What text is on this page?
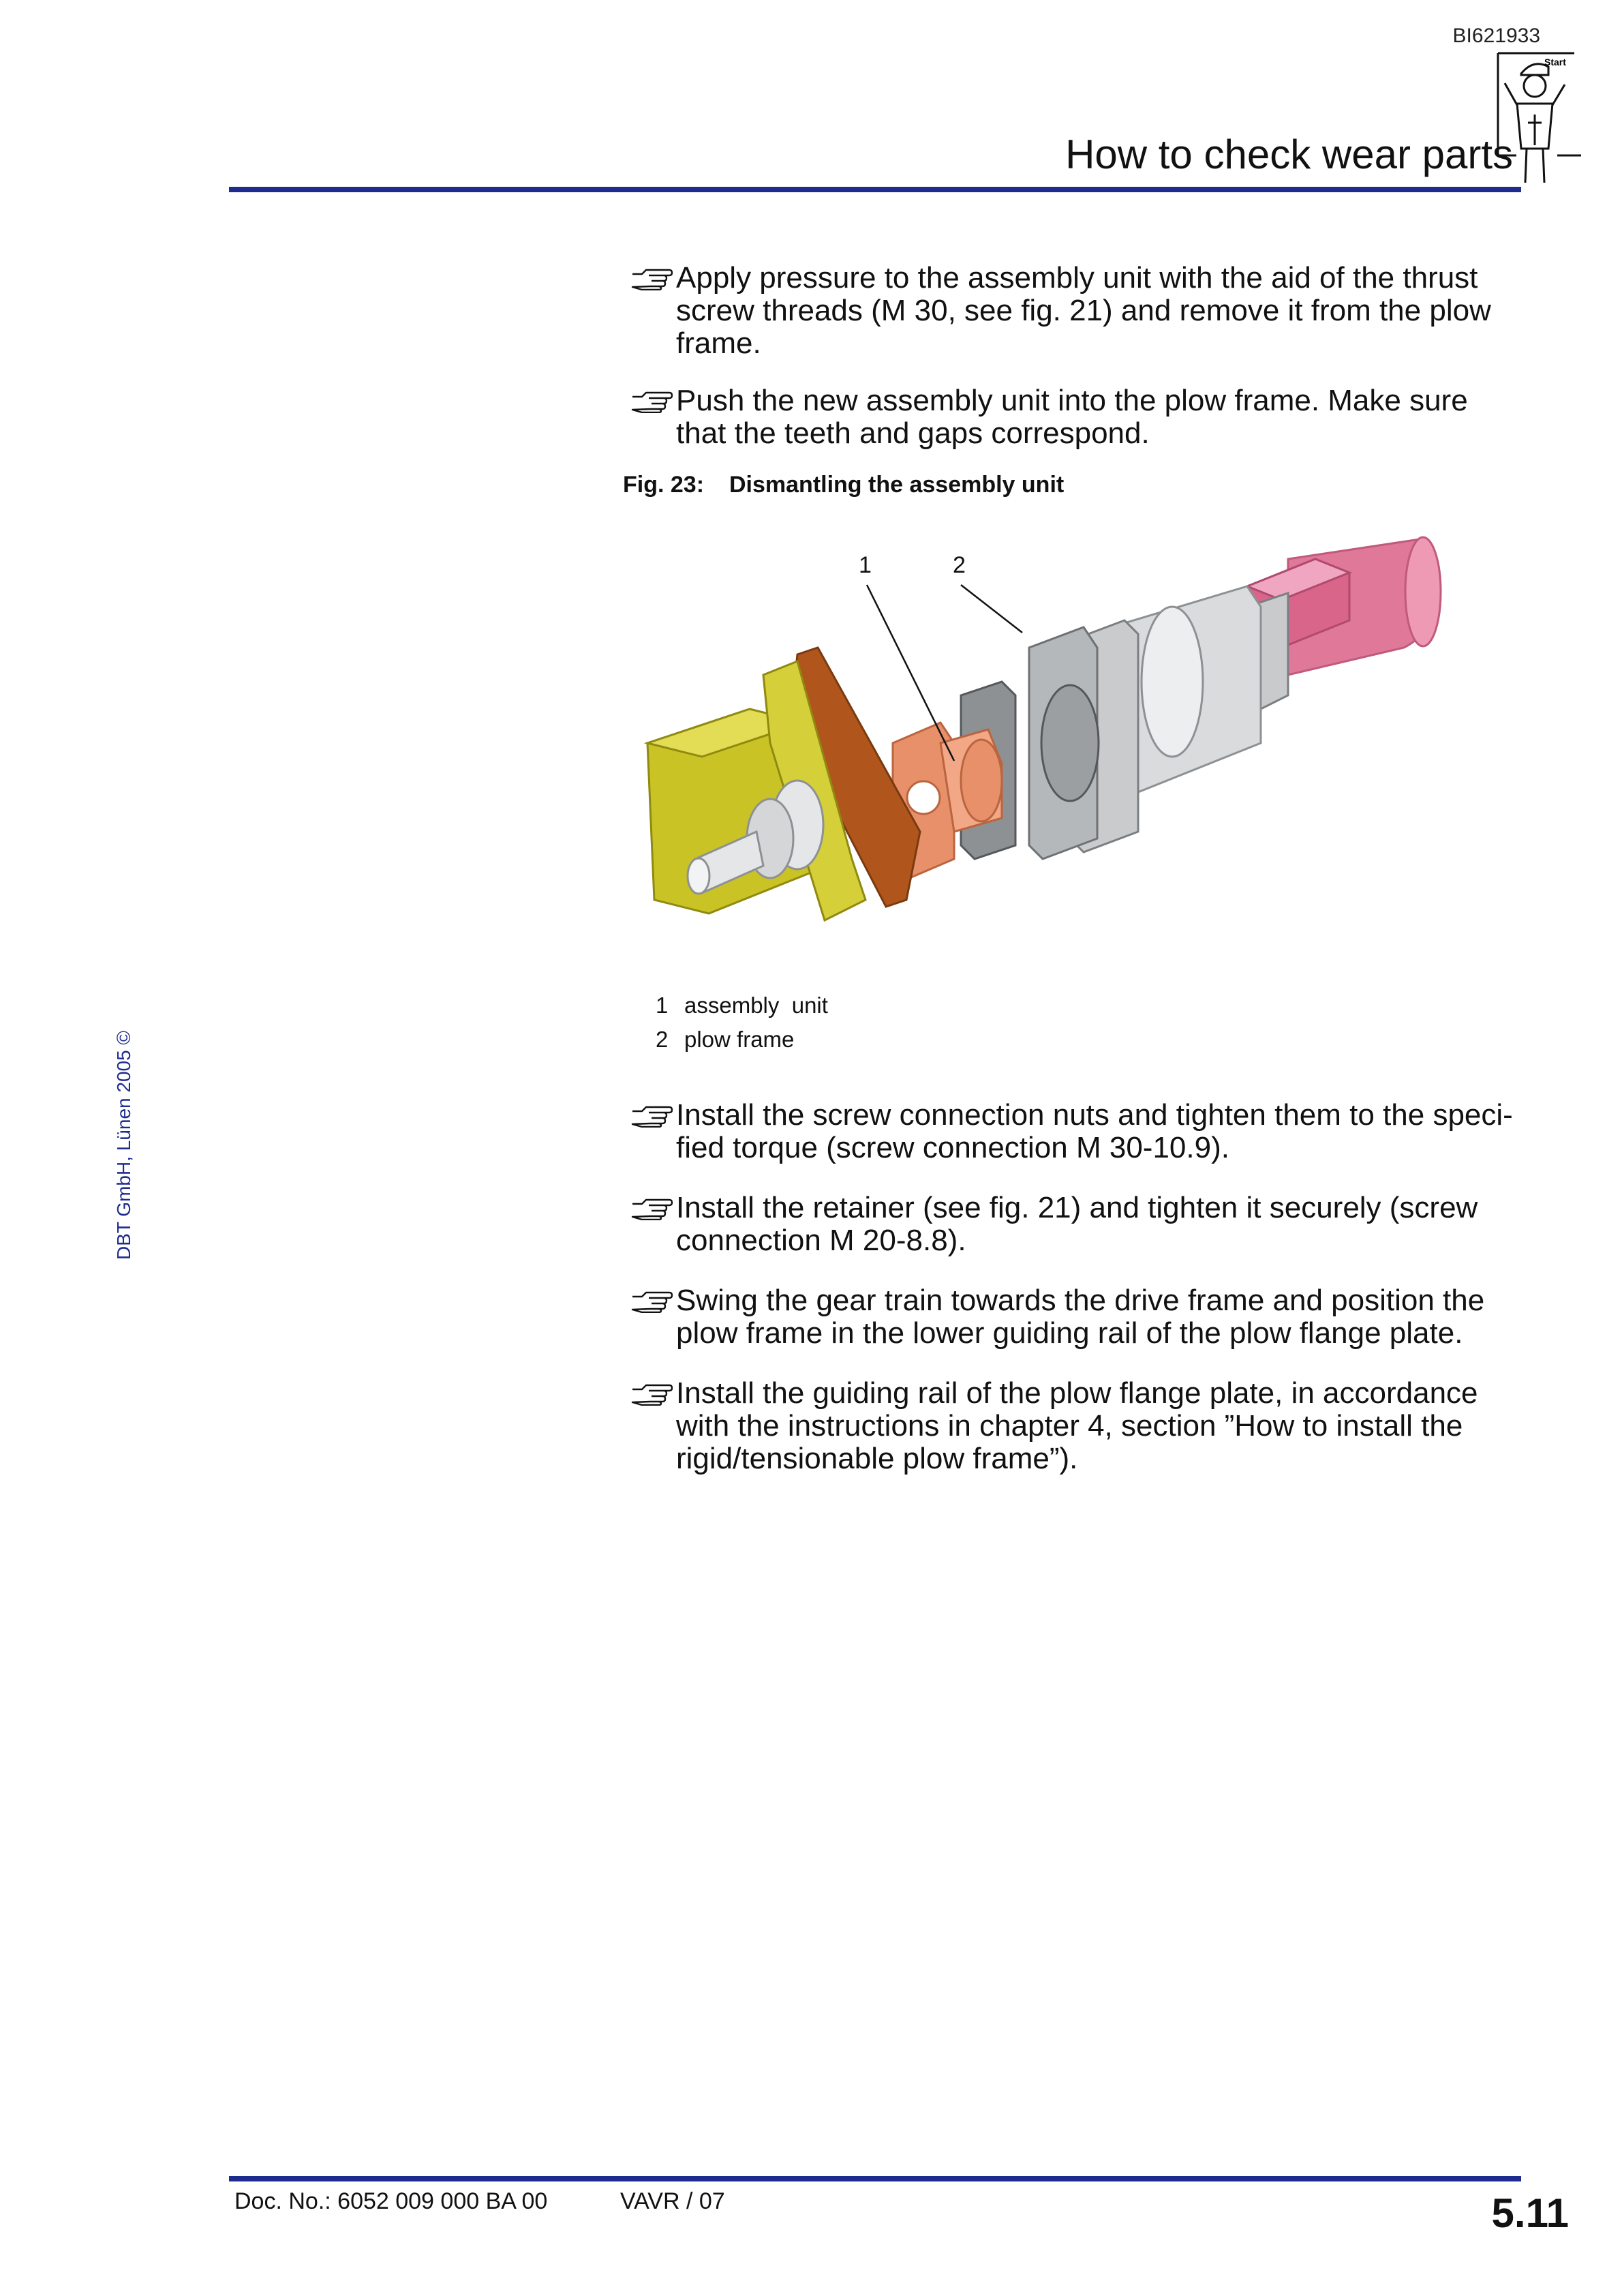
BI621933
How to check wear parts
Start
DBT GmbH, Lünen 2005 ©
Apply pressure to the assembly unit with the aid of the thrust screw threads (M 30, see fig. 21) and remove it from the plow frame.
Push the new assembly unit into the plow frame. Make sure that the teeth and gaps correspond.
Fig. 23: Dismantling the assembly unit
1	2
1 assembly  unit
2 plow frame
Install the screw connection nuts and tighten them to the speci-fied torque (screw connection M 30-10.9).
Install the retainer (see fig. 21) and tighten it securely (screw connection M 20-8.8).
Swing the gear train towards the drive frame and position the plow frame in the lower guiding rail of the plow flange plate.
Install the guiding rail of the plow flange plate, in accordance with the instructions in chapter 4, section ”How to install the rigid/tensionable plow frame”).
Doc. No.: 6052 009 000 BA 00	VAVR / 07	5.11
